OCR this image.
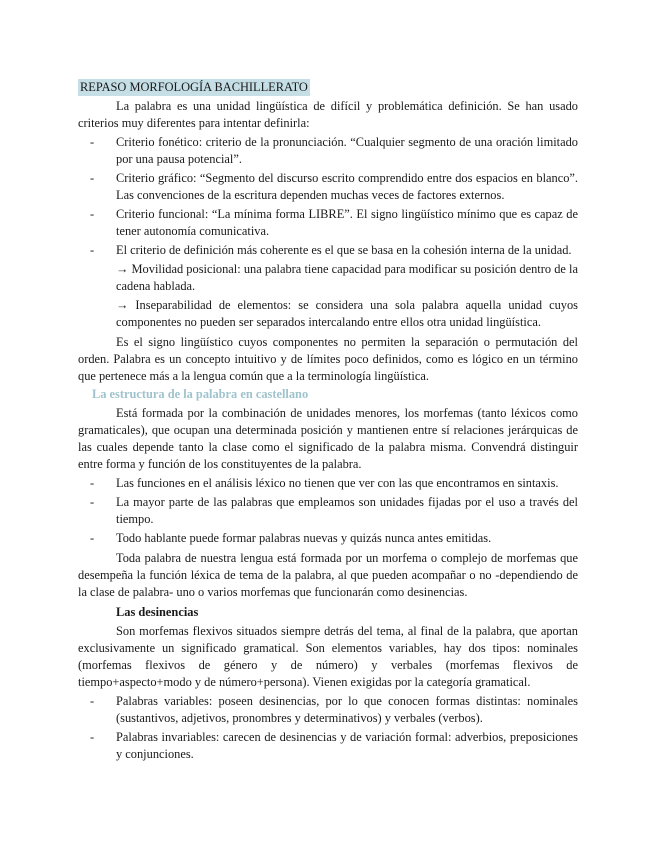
REPASO MORFOLOGÍA BACHILLERATO

La palabra es una unidad lingüística de difícil y problemática definición. Se han usado criterios muy diferentes para intentar definirla:

- Criterio fonético: criterio de la pronunciación. “Cualquier segmento de una oración limitado por una pausa potencial”.

- Criterio gráfico: “Segmento del discurso escrito comprendido entre dos espacios en blanco”. Las convenciones de la escritura dependen muchas veces de factores externos.

- Criterio funcional: “La mínima forma LIBRE”. El signo lingüístico mínimo que es capaz de tener autonomía comunicativa.

- El criterio de definición más coherente es el que se basa en la cohesión interna de la unidad.

→ Movilidad posicional: una palabra tiene capacidad para modificar su posición dentro de la cadena hablada.

→ Inseparabilidad de elementos: se considera una sola palabra aquella unidad cuyos componentes no pueden ser separados intercalando entre ellos otra unidad lingüística.

Es el signo lingüístico cuyos componentes no permiten la separación o permutación del orden. Palabra es un concepto intuitivo y de límites poco definidos, como es lógico en un término que pertenece más a la lengua común que a la terminología lingüística.

La estructura de la palabra en castellano

Está formada por la combinación de unidades menores, los morfemas (tanto léxicos como gramaticales), que ocupan una determinada posición y mantienen entre sí relaciones jerárquicas de las cuales depende tanto la clase como el significado de la palabra misma. Convendrá distinguir entre forma y función de los constituyentes de la palabra.

- Las funciones en el análisis léxico no tienen que ver con las que encontramos en sintaxis.

- La mayor parte de las palabras que empleamos son unidades fijadas por el uso a través del tiempo.

- Todo hablante puede formar palabras nuevas y quizás nunca antes emitidas.

Toda palabra de nuestra lengua está formada por un morfema o complejo de morfemas que desempeña la función léxica de tema de la palabra, al que pueden acompañar o no -dependiendo de la clase de palabra- uno o varios morfemas que funcionarán como desinencias.

Las desinencias

Son morfemas flexivos situados siempre detrás del tema, al final de la palabra, que aportan exclusivamente un significado gramatical. Son elementos variables, hay dos tipos: nominales (morfemas flexivos de género y de número) y verbales (morfemas flexivos de tiempo+aspecto+modo y de número+persona). Vienen exigidas por la categoría gramatical.

- Palabras variables: poseen desinencias, por lo que conocen formas distintas: nominales (sustantivos, adjetivos, pronombres y determinativos) y verbales (verbos).

- Palabras invariables: carecen de desinencias y de variación formal: adverbios, preposiciones y conjunciones.
